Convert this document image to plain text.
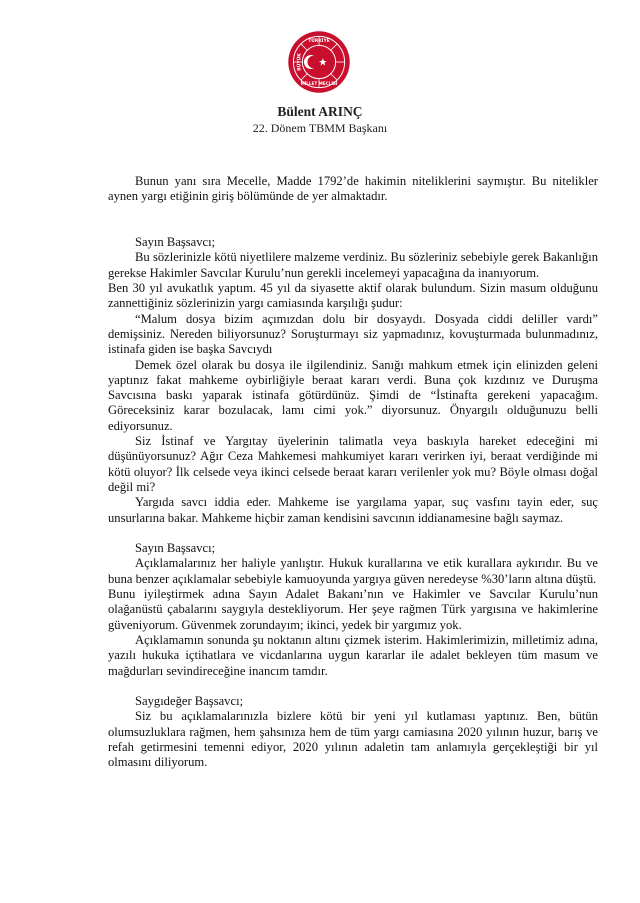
TÜRKİYE
BÜYÜK
MİLLET MECLİSİ
Bülent ARINÇ
22. Dönem TBMM Başkanı

Bunun yanı sıra Mecelle, Madde 1792’de hakimin niteliklerini saymıştır. Bu nitelikler aynen yargı etiğinin giriş bölümünde de yer almaktadır.

Sayın Başsavcı;

Bu sözlerinizle kötü niyetlilere malzeme verdiniz. Bu sözleriniz sebebiyle gerek Bakanlığın gerekse Hakimler Savcılar Kurulu’nun gerekli incelemeyi yapacağına da inanıyorum.

Ben 30 yıl avukatlık yaptım. 45 yıl da siyasette aktif olarak bulundum. Sizin masum olduğunu zannettiğiniz sözlerinizin yargı camiasında karşılığı şudur:

“Malum dosya bizim açımızdan dolu bir dosyaydı. Dosyada ciddi deliller vardı” demişsiniz. Nereden biliyorsunuz? Soruşturmayı siz yapmadınız, kovuşturmada bulunmadınız, istinafa giden ise başka Savcıydı

Demek özel olarak bu dosya ile ilgilendiniz. Sanığı mahkum etmek için elinizden geleni yaptınız fakat mahkeme oybirliğiyle beraat kararı verdi. Buna çok kızdınız ve Duruşma Savcısına baskı yaparak istinafa götürdünüz. Şimdi de “İstinafta gerekeni yapacağım. Göreceksiniz karar bozulacak, lamı cimi yok.” diyorsunuz. Önyargılı olduğunuzu belli ediyorsunuz.

Siz İstinaf ve Yargıtay üyelerinin talimatla veya baskıyla hareket edeceğini mi düşünüyorsunuz? Ağır Ceza Mahkemesi mahkumiyet kararı verirken iyi, beraat verdiğinde mi kötü oluyor? İlk celsede veya ikinci celsede beraat kararı verilenler yok mu? Böyle olması doğal değil mi?

Yargıda savcı iddia eder. Mahkeme ise yargılama yapar, suç vasfını tayin eder, suç unsurlarına bakar. Mahkeme hiçbir zaman kendisini savcının iddianamesine bağlı saymaz.

Sayın Başsavcı;

Açıklamalarınız her haliyle yanlıştır. Hukuk kurallarına ve etik kurallara aykırıdır. Bu ve buna benzer açıklamalar sebebiyle kamuoyunda yargıya güven neredeyse %30’ların altına düştü.

Bunu iyileştirmek adına Sayın Adalet Bakanı’nın ve Hakimler ve Savcılar Kurulu’nun olağanüstü çabalarını saygıyla destekliyorum. Her şeye rağmen Türk yargısına ve hakimlerine güveniyorum. Güvenmek zorundayım; ikinci, yedek bir yargımız yok.

Açıklamamın sonunda şu noktanın altını çizmek isterim. Hakimlerimizin, milletimiz adına, yazılı hukuka içtihatlara ve vicdanlarına uygun kararlar ile adalet bekleyen tüm masum ve mağdurları sevindireceğine inancım tamdır.

Saygıdeğer Başsavcı;

Siz bu açıklamalarınızla bizlere kötü bir yeni yıl kutlaması yaptınız. Ben, bütün olumsuzluklara rağmen, hem şahsınıza hem de tüm yargı camiasına 2020 yılının huzur, barış ve refah getirmesini temenni ediyor, 2020 yılının adaletin tam anlamıyla gerçekleştiği bir yıl olmasını diliyorum.
